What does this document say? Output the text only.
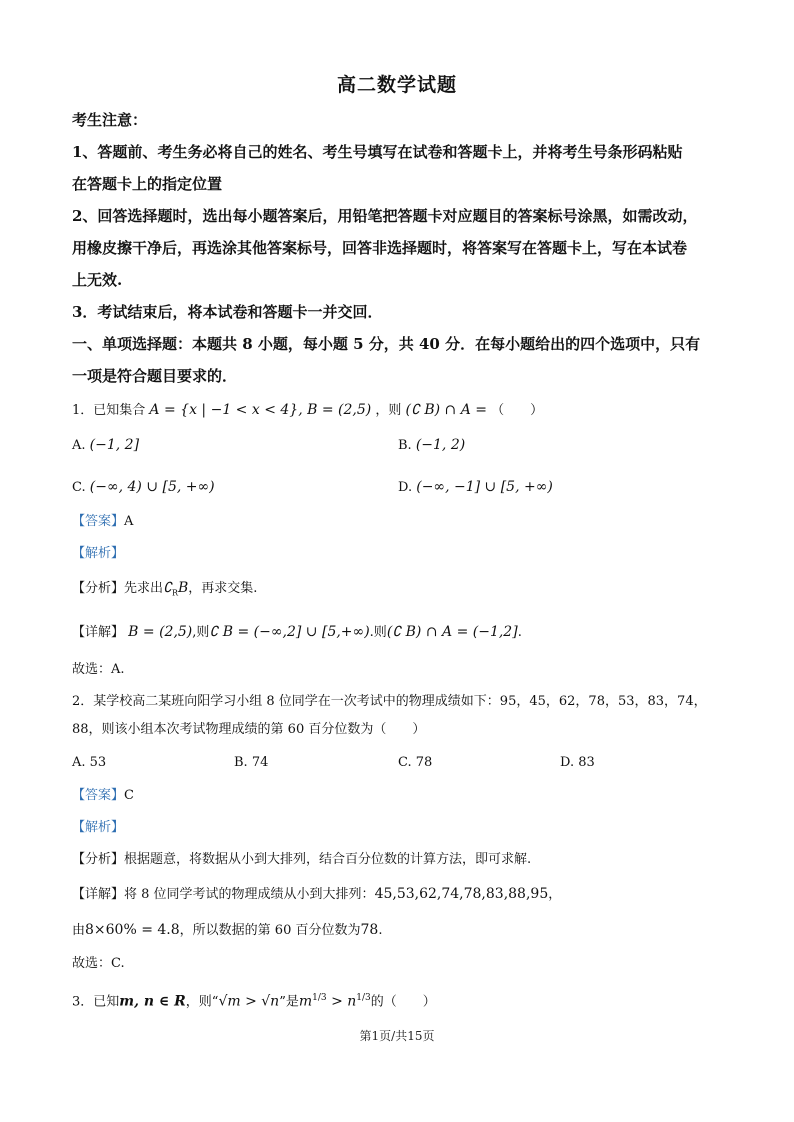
高二数学试题
考生注意：
1、答题前、考生务必将自己的姓名、考生号填写在试卷和答题卡上，并将考生号条形码粘贴
在答题卡上的指定位置
2、回答选择题时，选出每小题答案后，用铅笔把答题卡对应题目的答案标号涂黑，如需改动，
用橡皮擦干净后，再选涂其他答案标号，回答非选择题时，将答案写在答题卡上，写在本试卷
上无效.
3．考试结束后，将本试卷和答题卡一并交回．
一、单项选择题：本题共 8 小题，每小题 5 分，共 40 分．在每小题给出的四个选项中，只有
一项是符合题目要求的．
1．已知集合 A = {x | −1 < x < 4}, B = (2,5) ，则 (∁ B) ∩ A = （　　）
A. (−1, 2]	B. (−1, 2)
C. (−∞, 4) ∪ [5, +∞)	D. (−∞, −1] ∪ [5, +∞)
【答案】A
【解析】
【分析】先求出$∁_RB$，再求交集.
【详解】 B = (2,5),则∁ B = (−∞,2] ∪ [5,+∞).则(∁ B) ∩ A = (−1,2].
故选：A.
2．某学校高二某班向阳学习小组 8 位同学在一次考试中的物理成绩如下：95，45，62，78，53，83，74，
88，则该小组本次考试物理成绩的第 60 百分位数为（　　）
A. 53	B. 74	C. 78	D. 83
【答案】C
【解析】
【分析】根据题意，将数据从小到大排列，结合百分位数的计算方法，即可求解.
【详解】将 8 位同学考试的物理成绩从小到大排列：45,53,62,74,78,83,88,95，
由8×60% = 4.8，所以数据的第 60 百分位数为78.
故选：C.
3．已知m, n ∈ R，则“√m > √n”是$m^{1/3} > n^{1/3}$的（　　）
第1页/共15页
